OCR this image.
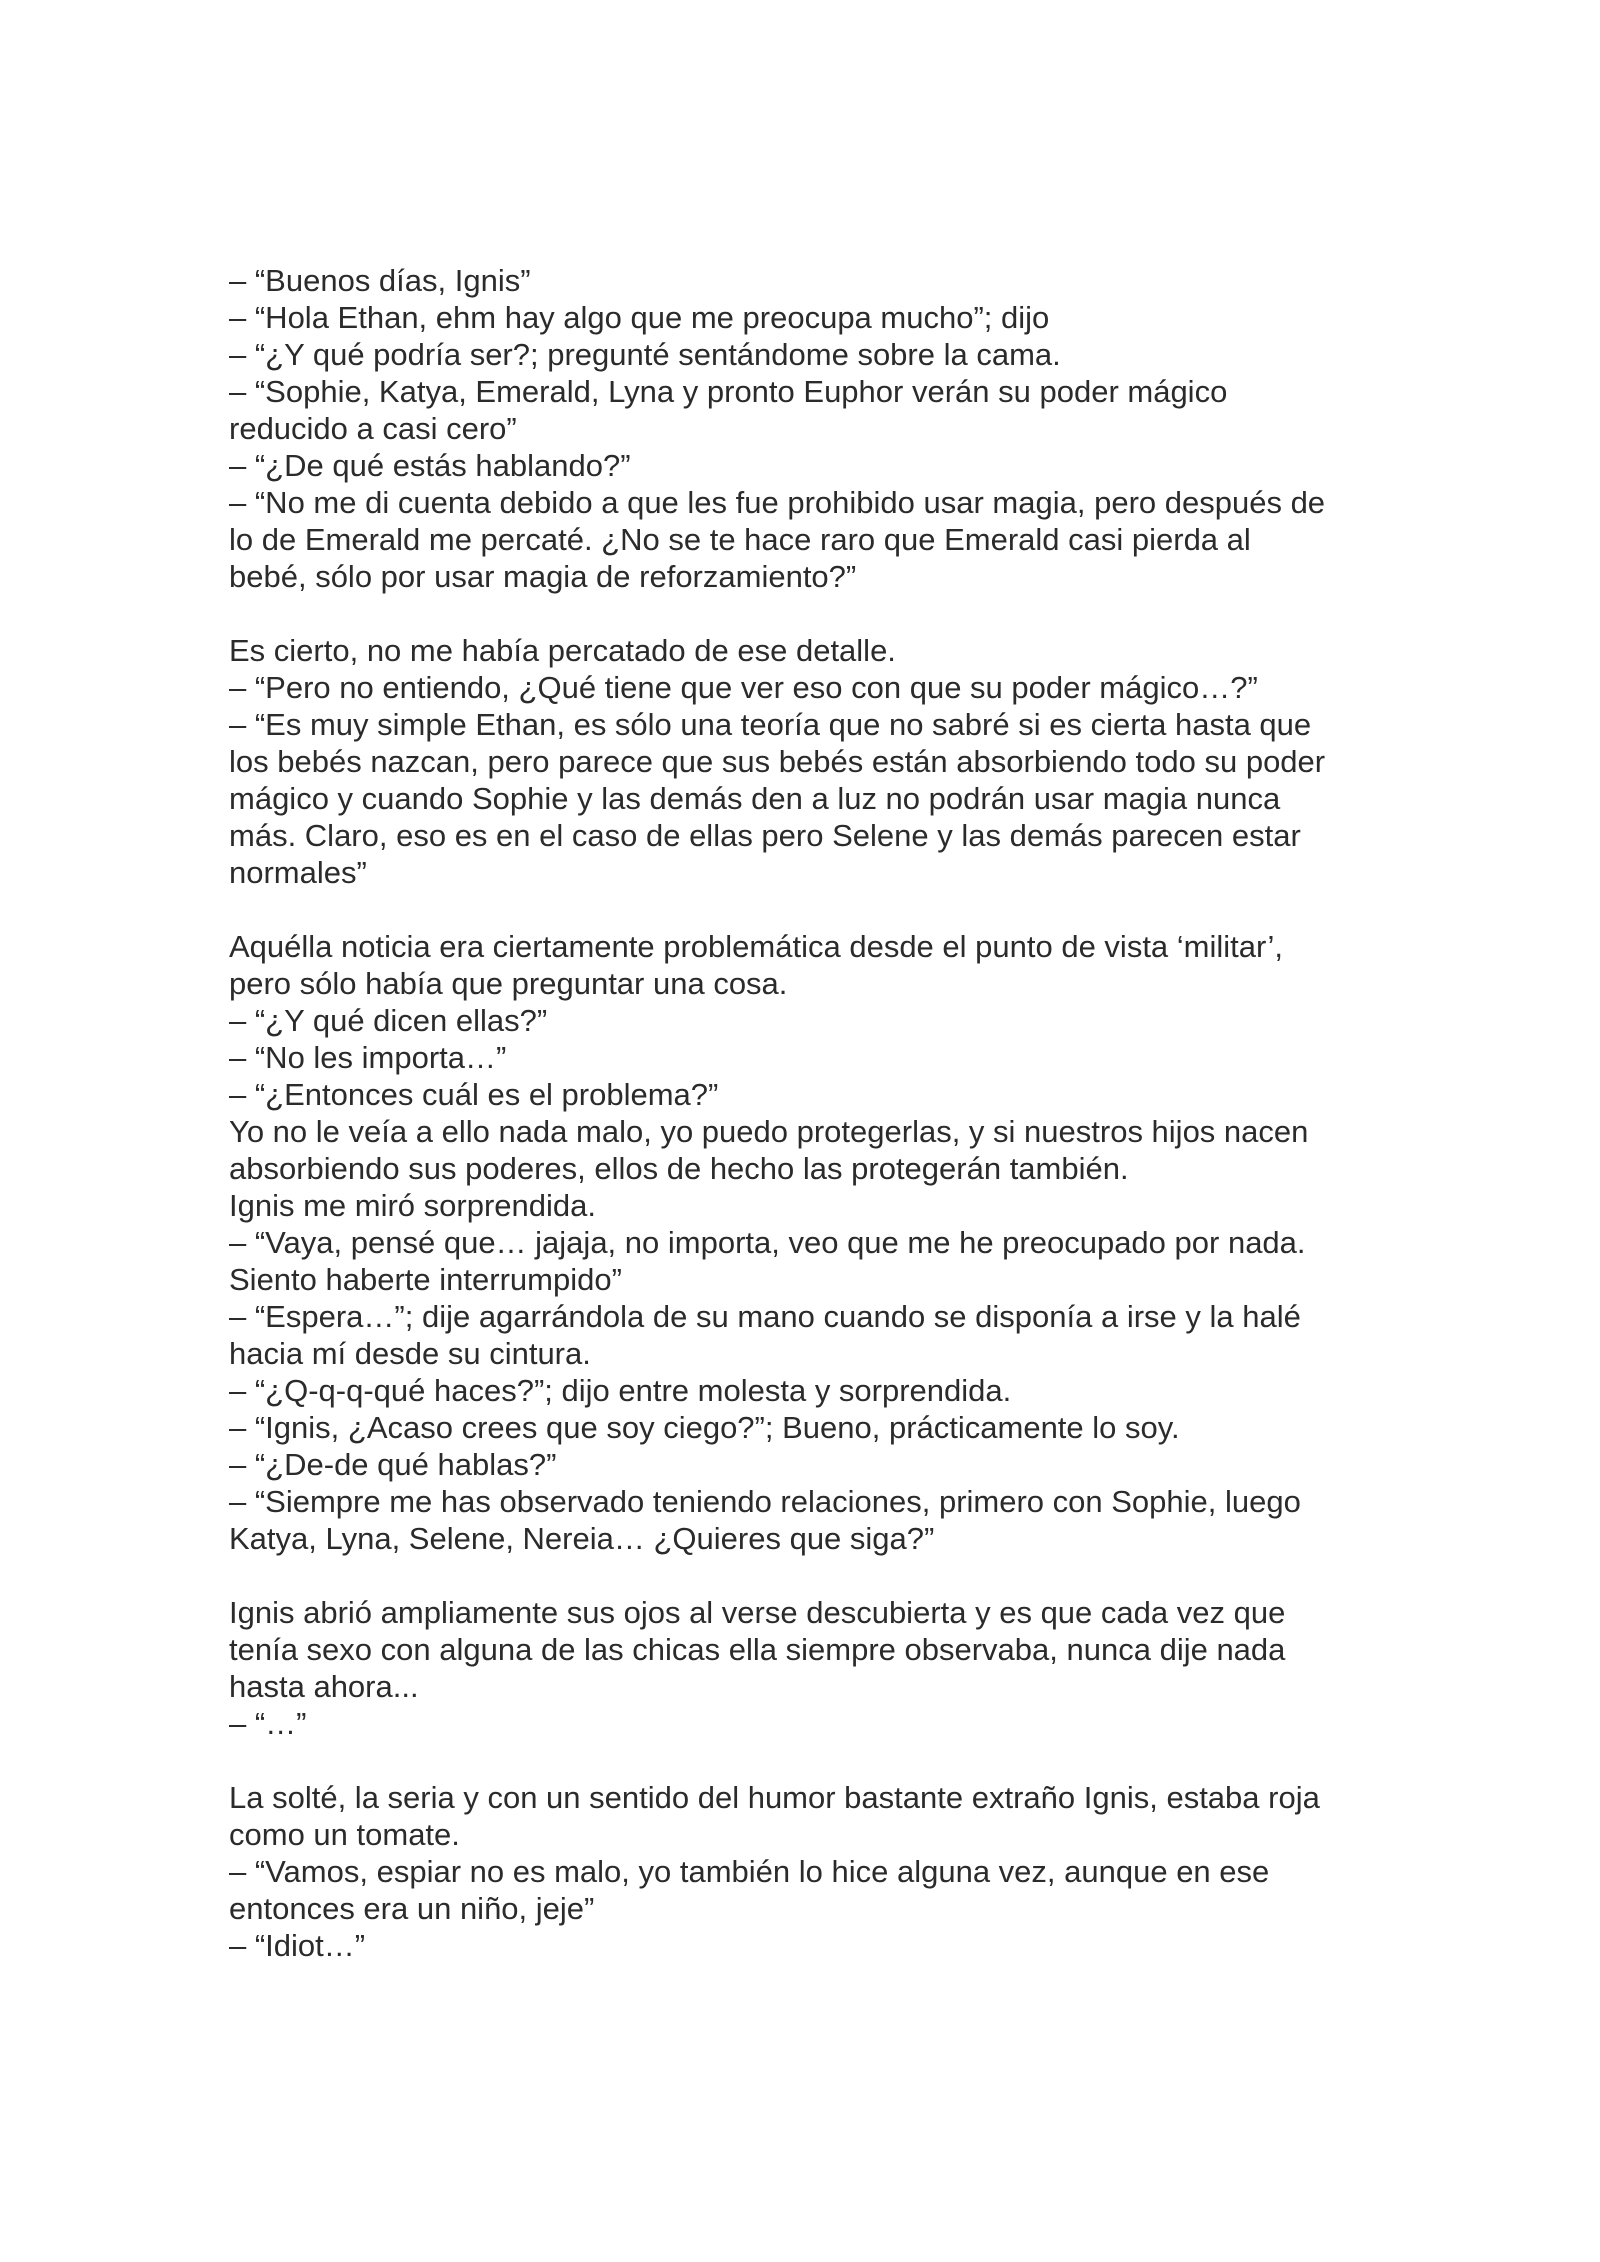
– “Buenos días, Ignis”
– “Hola Ethan, ehm hay algo que me preocupa mucho”; dijo
– “¿Y qué podría ser?; pregunté sentándome sobre la cama.
– “Sophie, Katya, Emerald, Lyna y pronto Euphor verán su poder mágico
reducido a casi cero”
– “¿De qué estás hablando?”
– “No me di cuenta debido a que les fue prohibido usar magia, pero después de
lo de Emerald me percaté. ¿No se te hace raro que Emerald casi pierda al
bebé, sólo por usar magia de reforzamiento?”
Es cierto, no me había percatado de ese detalle.
– “Pero no entiendo, ¿Qué tiene que ver eso con que su poder mágico…?”
– “Es muy simple Ethan, es sólo una teoría que no sabré si es cierta hasta que
los bebés nazcan, pero parece que sus bebés están absorbiendo todo su poder
mágico y cuando Sophie y las demás den a luz no podrán usar magia nunca
más. Claro, eso es en el caso de ellas pero Selene y las demás parecen estar
normales”
Aquélla noticia era ciertamente problemática desde el punto de vista ‘militar’,
pero sólo había que preguntar una cosa.
– “¿Y qué dicen ellas?”
– “No les importa…”
– “¿Entonces cuál es el problema?”
Yo no le veía a ello nada malo, yo puedo protegerlas, y si nuestros hijos nacen
absorbiendo sus poderes, ellos de hecho las protegerán también.
Ignis me miró sorprendida.
– “Vaya, pensé que… jajaja, no importa, veo que me he preocupado por nada.
Siento haberte interrumpido”
– “Espera…”; dije agarrándola de su mano cuando se disponía a irse y la halé
hacia mí desde su cintura.
– “¿Q-q-q-qué haces?”; dijo entre molesta y sorprendida.
– “Ignis, ¿Acaso crees que soy ciego?”; Bueno, prácticamente lo soy.
– “¿De-de qué hablas?”
– “Siempre me has observado teniendo relaciones, primero con Sophie, luego
Katya, Lyna, Selene, Nereia… ¿Quieres que siga?”
Ignis abrió ampliamente sus ojos al verse descubierta y es que cada vez que
tenía sexo con alguna de las chicas ella siempre observaba, nunca dije nada
hasta ahora...
– “…”
La solté, la seria y con un sentido del humor bastante extraño Ignis, estaba roja
como un tomate.
– “Vamos, espiar no es malo, yo también lo hice alguna vez, aunque en ese
entonces era un niño, jeje”
– “Idiot…”
